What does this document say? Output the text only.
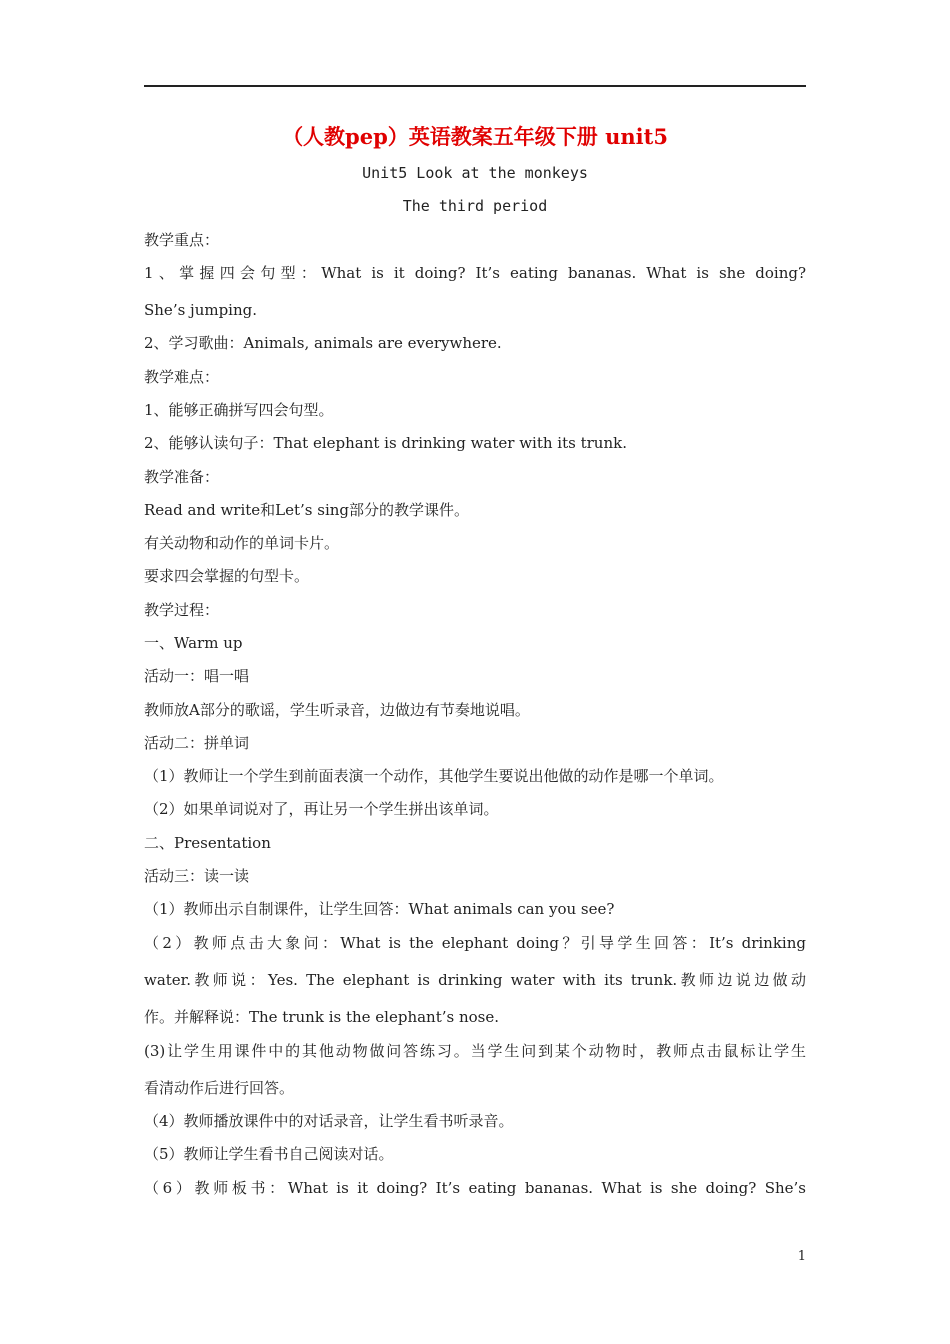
（人教pep）英语教案五年级下册 unit5
Unit5 Look at the monkeys
The third period
教学重点：
1、掌握四会句型：What is it doing? It’s eating bananas. What is she doing?
She’s jumping.
2、学习歌曲：Animals, animals are everywhere.
教学难点：
1、能够正确拼写四会句型。
2、能够认读句子：That elephant is drinking water with its trunk.
教学准备：
Read and write和Let’s sing部分的教学课件。
有关动物和动作的单词卡片。
要求四会掌握的句型卡。
教学过程：
一、Warm up
活动一：唱一唱
教师放A部分的歌谣，学生听录音，边做边有节奏地说唱。
活动二：拼单词
（1）教师让一个学生到前面表演一个动作，其他学生要说出他做的动作是哪一个单词。
（2）如果单词说对了，再让另一个学生拼出该单词。
二、Presentation
活动三：读一读
（1）教师出示自制课件，让学生回答：What animals can you see?
（2）教师点击大象问：What is the elephant doing？引导学生回答：It’s drinking
water.教师说：Yes. The elephant is drinking water with its trunk.教师边说边做动
作。并解释说：The trunk is the elephant’s nose.
(3)让学生用课件中的其他动物做问答练习。当学生问到某个动物时，教师点击鼠标让学生
看清动作后进行回答。
（4）教师播放课件中的对话录音，让学生看书听录音。
（5）教师让学生看书自己阅读对话。
（6）教师板书：What is it doing? It’s eating bananas. What is she doing? She’s
1
